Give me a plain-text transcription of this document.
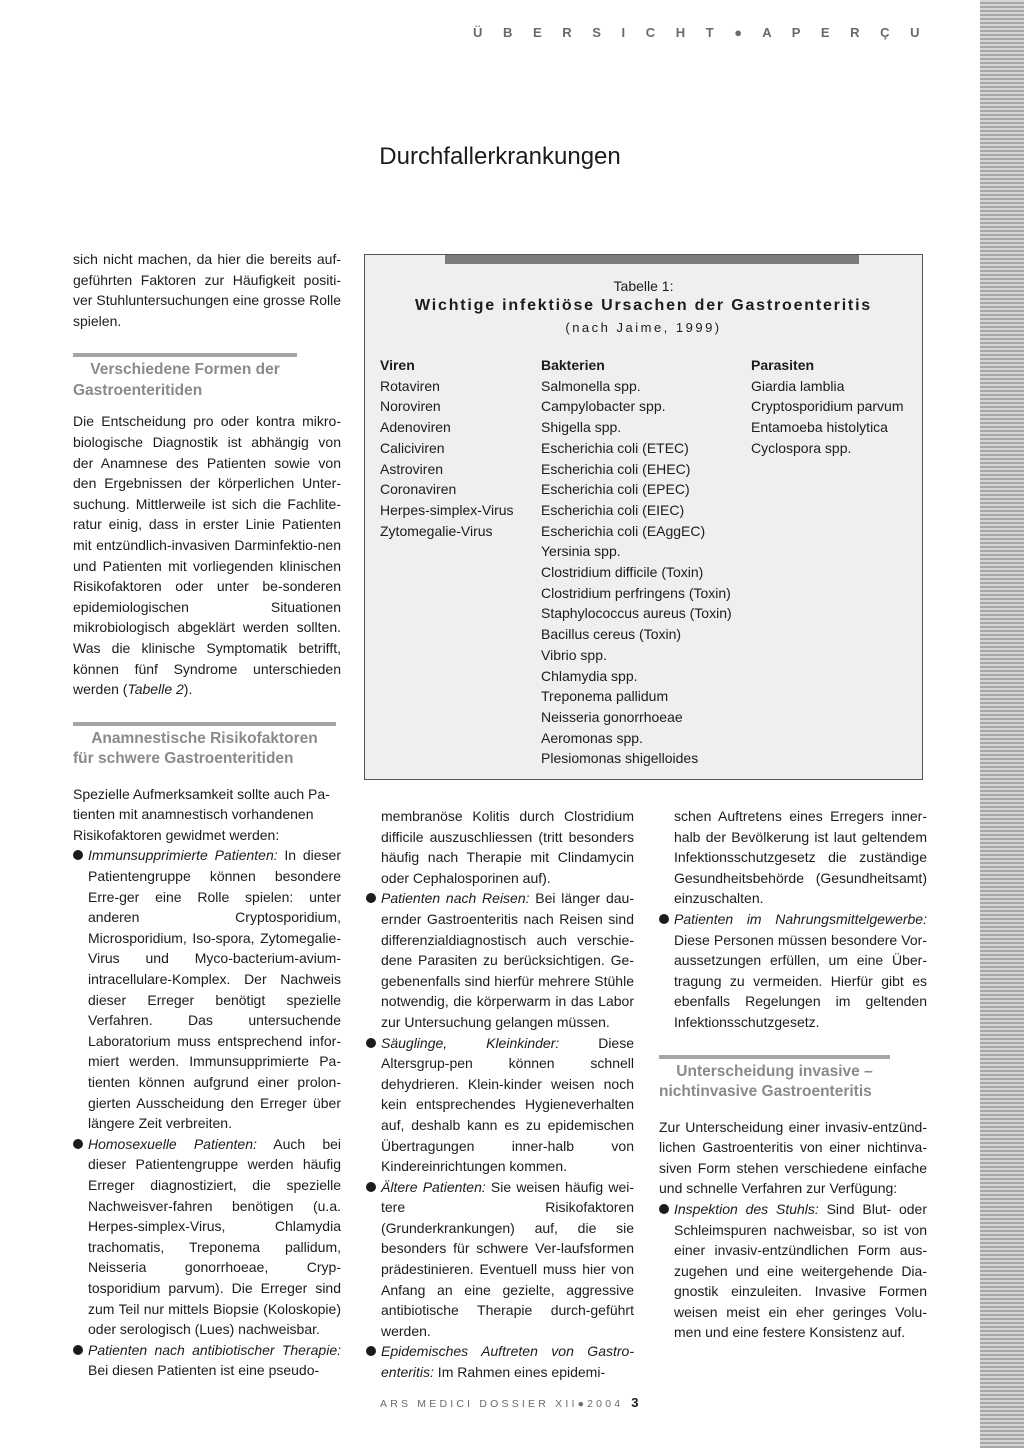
Ü B E R S I C H T ● A P E R Ç U
Durchfallerkrankungen

sich nicht machen, da hier die bereits auf-geführten Faktoren zur Häufigkeit positi-ver Stuhluntersuchungen eine grosse Rolle spielen.

Verschiedene Formen der
Gastroenteritiden

Die Entscheidung pro oder kontra mikro-biologische Diagnostik ist abhängig von der Anamnese des Patienten sowie von den Ergebnissen der körperlichen Unter-suchung. Mittlerweile ist sich die Fachlite-ratur einig, dass in erster Linie Patienten mit entzündlich-invasiven Darminfektio-nen und Patienten mit vorliegenden klinischen Risikofaktoren oder unter be-sonderen epidemiologischen Situationen mikrobiologisch abgeklärt werden sollten. Was die klinische Symptomatik betrifft, können fünf Syndrome unterschieden werden (Tabelle 2).

Anamnestische Risikofaktoren
für schwere Gastroenteritiden

Spezielle Aufmerksamkeit sollte auch Pa-tienten mit anamnestisch vorhandenen Risikofaktoren gewidmet werden:

Immunsupprimierte Patienten: In dieser Patientengruppe können besondere Erre-ger eine Rolle spielen: unter anderen Cryptosporidium, Microsporidium, Iso-spora, Zytomegalie-Virus und Myco-bacterium-avium-intracellulare-Komplex. Der Nachweis dieser Erreger benötigt spezielle Verfahren. Das untersuchende Laboratorium muss entsprechend infor-miert werden. Immunsupprimierte Pa-tienten können aufgrund einer prolon-gierten Ausscheidung den Erreger über längere Zeit verbreiten.
Homosexuelle Patienten: Auch bei dieser Patientengruppe werden häufig Erreger diagnostiziert, die spezielle Nachweisver-fahren benötigen (u.a. Herpes-simplex-Virus, Chlamydia trachomatis, Treponema pallidum, Neisseria gonorrhoeae, Cryp-tosporidium parvum). Die Erreger sind zum Teil nur mittels Biopsie (Koloskopie) oder serologisch (Lues) nachweisbar.
Patienten nach antibiotischer Therapie: Bei diesen Patienten ist eine pseudo-
Tabelle 1:
Wichtige infektiöse Ursachen der Gastroenteritis
(nach Jaime, 1999)
Viren
Rotaviren
Noroviren
Adenoviren
Caliciviren
Astroviren
Coronaviren
Herpes-simplex-Virus
Zytomegalie-Virus
Bakterien
Salmonella spp.
Campylobacter spp.
Shigella spp.
Escherichia coli (ETEC)
Escherichia coli (EHEC)
Escherichia coli (EPEC)
Escherichia coli (EIEC)
Escherichia coli (EAggEC)
Yersinia spp.
Clostridium difficile (Toxin)
Clostridium perfringens (Toxin)
Staphylococcus aureus (Toxin)
Bacillus cereus (Toxin)
Vibrio spp.
Chlamydia spp.
Treponema pallidum
Neisseria gonorrhoeae
Aeromonas spp.
Plesiomonas shigelloides
Parasiten
Giardia lamblia
Cryptosporidium parvum
Entamoeba histolytica
Cyclospora spp.

membranöse Kolitis durch Clostridium difficile auszuschliessen (tritt besonders häufig nach Therapie mit Clindamycin oder Cephalosporinen auf).

Patienten nach Reisen: Bei länger dau-ernder Gastroenteritis nach Reisen sind differenzialdiagnostisch auch verschie-dene Parasiten zu berücksichtigen. Ge-gebenenfalls sind hierfür mehrere Stühle notwendig, die körperwarm in das Labor zur Untersuchung gelangen müssen.
Säuglinge, Kleinkinder: Diese Altersgrup-pen können schnell dehydrieren. Klein-kinder weisen noch kein entsprechendes Hygieneverhalten auf, deshalb kann es zu epidemischen Übertragungen inner-halb von Kindereinrichtungen kommen.
Ältere Patienten: Sie weisen häufig wei-tere Risikofaktoren (Grunderkrankungen) auf, die sie besonders für schwere Ver-laufsformen prädestinieren. Eventuell muss hier von Anfang an eine gezielte, aggressive antibiotische Therapie durch-geführt werden.
Epidemisches Auftreten von Gastro-enteritis: Im Rahmen eines epidemi-

schen Auftretens eines Erregers inner-halb der Bevölkerung ist laut geltendem Infektionsschutzgesetz die zuständige Gesundheitsbehörde (Gesundheitsamt) einzuschalten.

Patienten im Nahrungsmittelgewerbe: Diese Personen müssen besondere Vor-aussetzungen erfüllen, um eine Über-tragung zu vermeiden. Hierfür gibt es ebenfalls Regelungen im geltenden Infektionsschutzgesetz.
Unterscheidung invasive –
nichtinvasive Gastroenteritis

Zur Unterscheidung einer invasiv-entzünd-lichen Gastroenteritis von einer nichtinva-siven Form stehen verschiedene einfache und schnelle Verfahren zur Verfügung:

Inspektion des Stuhls: Sind Blut- oder Schleimspuren nachweisbar, so ist von einer invasiv-entzündlichen Form aus-zugehen und eine weitergehende Dia-gnostik einzuleiten. Invasive Formen weisen meist ein eher geringes Volu-men und eine festere Konsistenz auf.
ARS MEDICI DOSSIER XII●2004 3
